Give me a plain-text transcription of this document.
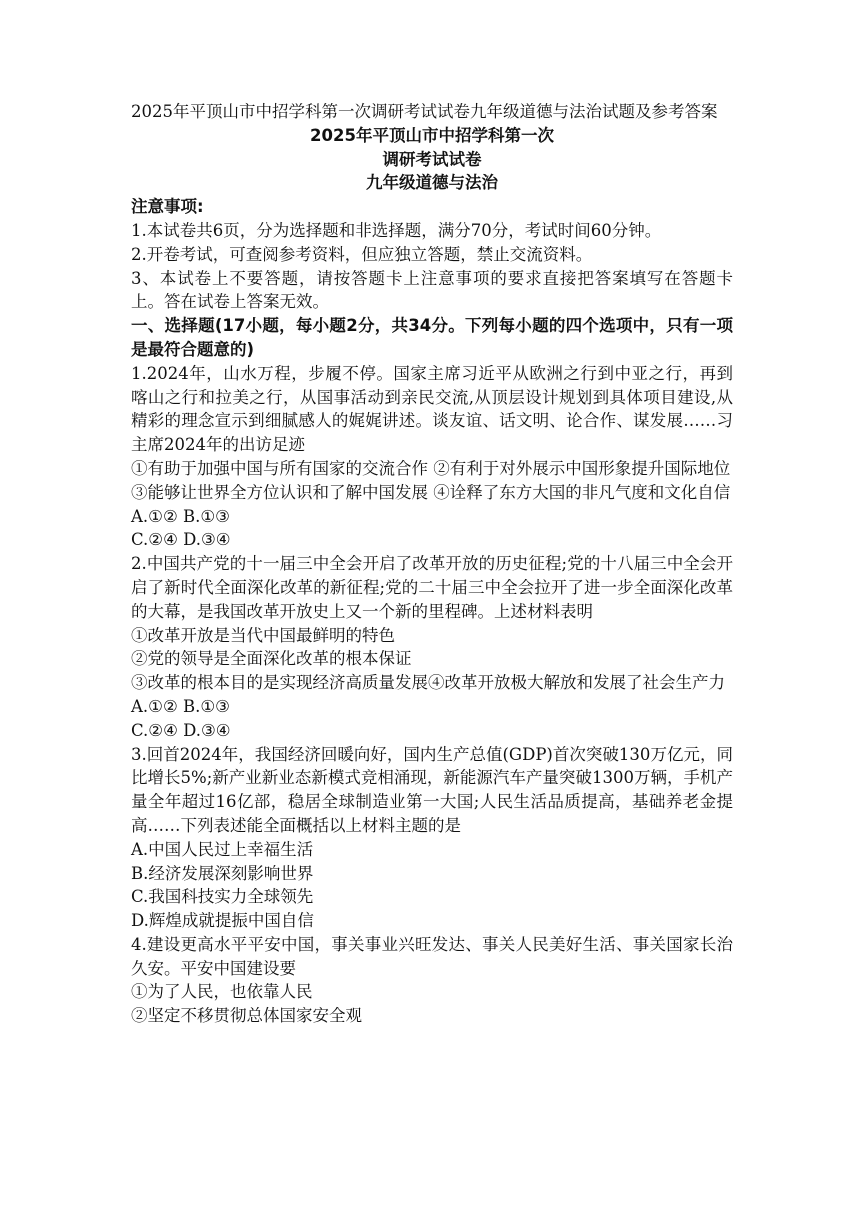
2025年平顶山市中招学科第一次调研考试试卷九年级道德与法治试题及参考答案

2025年平顶山市中招学科第一次
调研考试试卷
九年级道德与法治

注意事项:

1.本试卷共6页，分为选择题和非选择题，满分70分，考试时间60分钟。

2.开卷考试，可查阅参考资料，但应独立答题，禁止交流资料。

3、本试卷上不要答题，请按答题卡上注意事项的要求直接把答案填写在答题卡上。答在试卷上答案无效。

一、选择题(17小题，每小题2分，共34分。下列每小题的四个选项中，只有一项是最符合题意的)

1.2024年，山水万程，步履不停。国家主席习近平从欧洲之行到中亚之行，再到喀山之行和拉美之行，从国事活动到亲民交流,从顶层设计规划到具体项目建设,从精彩的理念宣示到细腻感人的娓娓讲述。谈友谊、话文明、论合作、谋发展……习主席2024年的出访足迹

①有助于加强中国与所有国家的交流合作 ②有利于对外展示中国形象提升国际地位

③能够让世界全方位认识和了解中国发展 ④诠释了东方大国的非凡气度和文化自信

A.①② B.①③

C.②④ D.③④

2.中国共产党的十一届三中全会开启了改革开放的历史征程;党的十八届三中全会开启了新时代全面深化改革的新征程;党的二十届三中全会拉开了进一步全面深化改革的大幕，是我国改革开放史上又一个新的里程碑。上述材料表明

①改革开放是当代中国最鲜明的特色

②党的领导是全面深化改革的根本保证

③改革的根本目的是实现经济高质量发展④改革开放极大解放和发展了社会生产力

A.①② B.①③

C.②④ D.③④

3.回首2024年，我国经济回暖向好，国内生产总值(GDP)首次突破130万亿元，同比增长5%;新产业新业态新模式竞相涌现，新能源汽车产量突破1300万辆，手机产量全年超过16亿部，稳居全球制造业第一大国;人民生活品质提高，基础养老金提高……下列表述能全面概括以上材料主题的是

A.中国人民过上幸福生活

B.经济发展深刻影响世界

C.我国科技实力全球领先

D.辉煌成就提振中国自信

4.建设更高水平平安中国，事关事业兴旺发达、事关人民美好生活、事关国家长治久安。平安中国建设要

①为了人民，也依靠人民

②坚定不移贯彻总体国家安全观
